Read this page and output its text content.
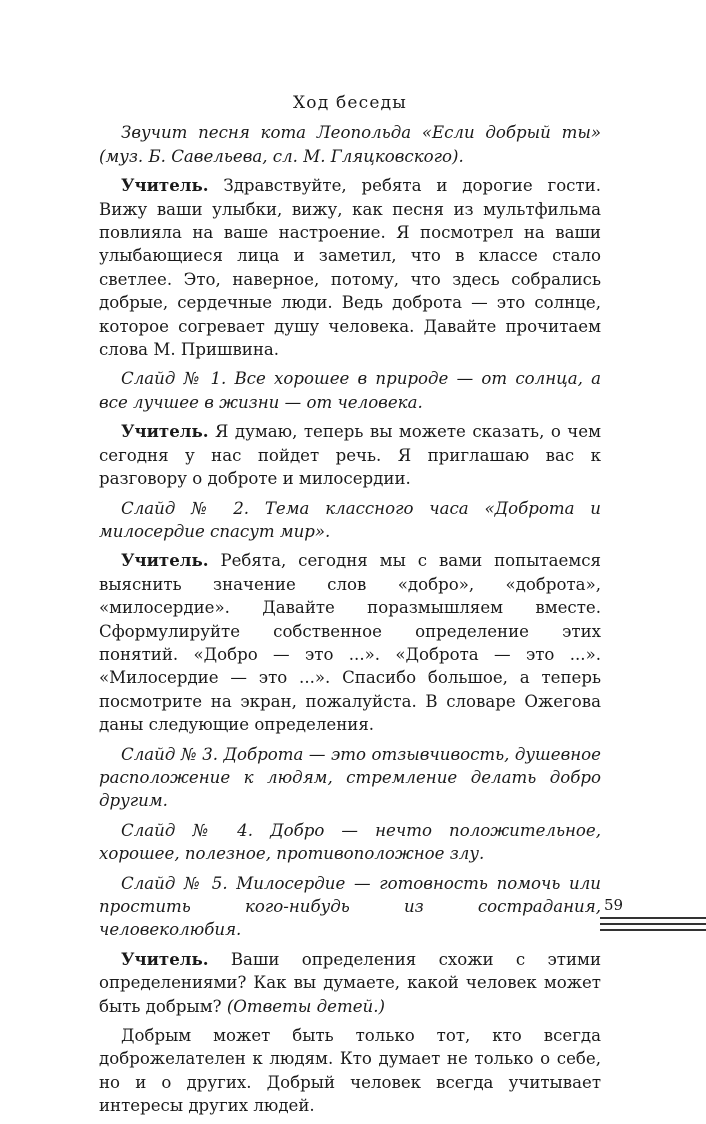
Ход беседы

Звучит песня кота Леопольда «Если добрый ты» (муз. Б. Савельева, сл. М. Гляцковского).

Учитель. Здравствуйте, ребята и дорогие гости. Вижу ваши улыбки, вижу, как песня из мультфильма повлияла на ваше настроение. Я посмотрел на ваши улыбающиеся лица и заметил, что в классе стало светлее. Это, наверное, потому, что здесь собрались добрые, сердечные люди. Ведь доброта — это солнце, которое согревает душу человека. Давайте прочитаем слова М. Пришвина.

Слайд № 1. Все хорошее в природе — от солнца, а все лучшее в жизни — от человека.

Учитель. Я думаю, теперь вы можете сказать, о чем сегодня у нас пойдет речь. Я приглашаю вас к разговору о доброте и милосердии.

Слайд № 2. Тема классного часа «Доброта и милосердие спасут мир».

Учитель. Ребята, сегодня мы с вами попытаемся выяснить значение слов «добро», «доброта», «милосердие». Давайте поразмышляем вместе. Сформулируйте собственное определение этих понятий. «Добро — это ...». «Доброта — это ...». «Милосердие — это ...». Спасибо большое, а теперь посмотрите на экран, пожалуйста. В словаре Ожегова даны следующие определения.

Слайд № 3. Доброта — это отзывчивость, душевное расположение к людям, стремление делать добро другим.

Слайд № 4. Добро — нечто положительное, хорошее, полезное, противоположное злу.

Слайд № 5. Милосердие — готовность помочь или простить кого-нибудь из сострадания, человеколюбия.

Учитель. Ваши определения схожи с этими определениями? Как вы думаете, какой человек может быть добрым? (Ответы детей.)

Добрым может быть только тот, кто всегда доброжелателен к людям. Кто думает не только о себе, но и о других. Добрый человек всегда учитывает интересы других людей.

59
